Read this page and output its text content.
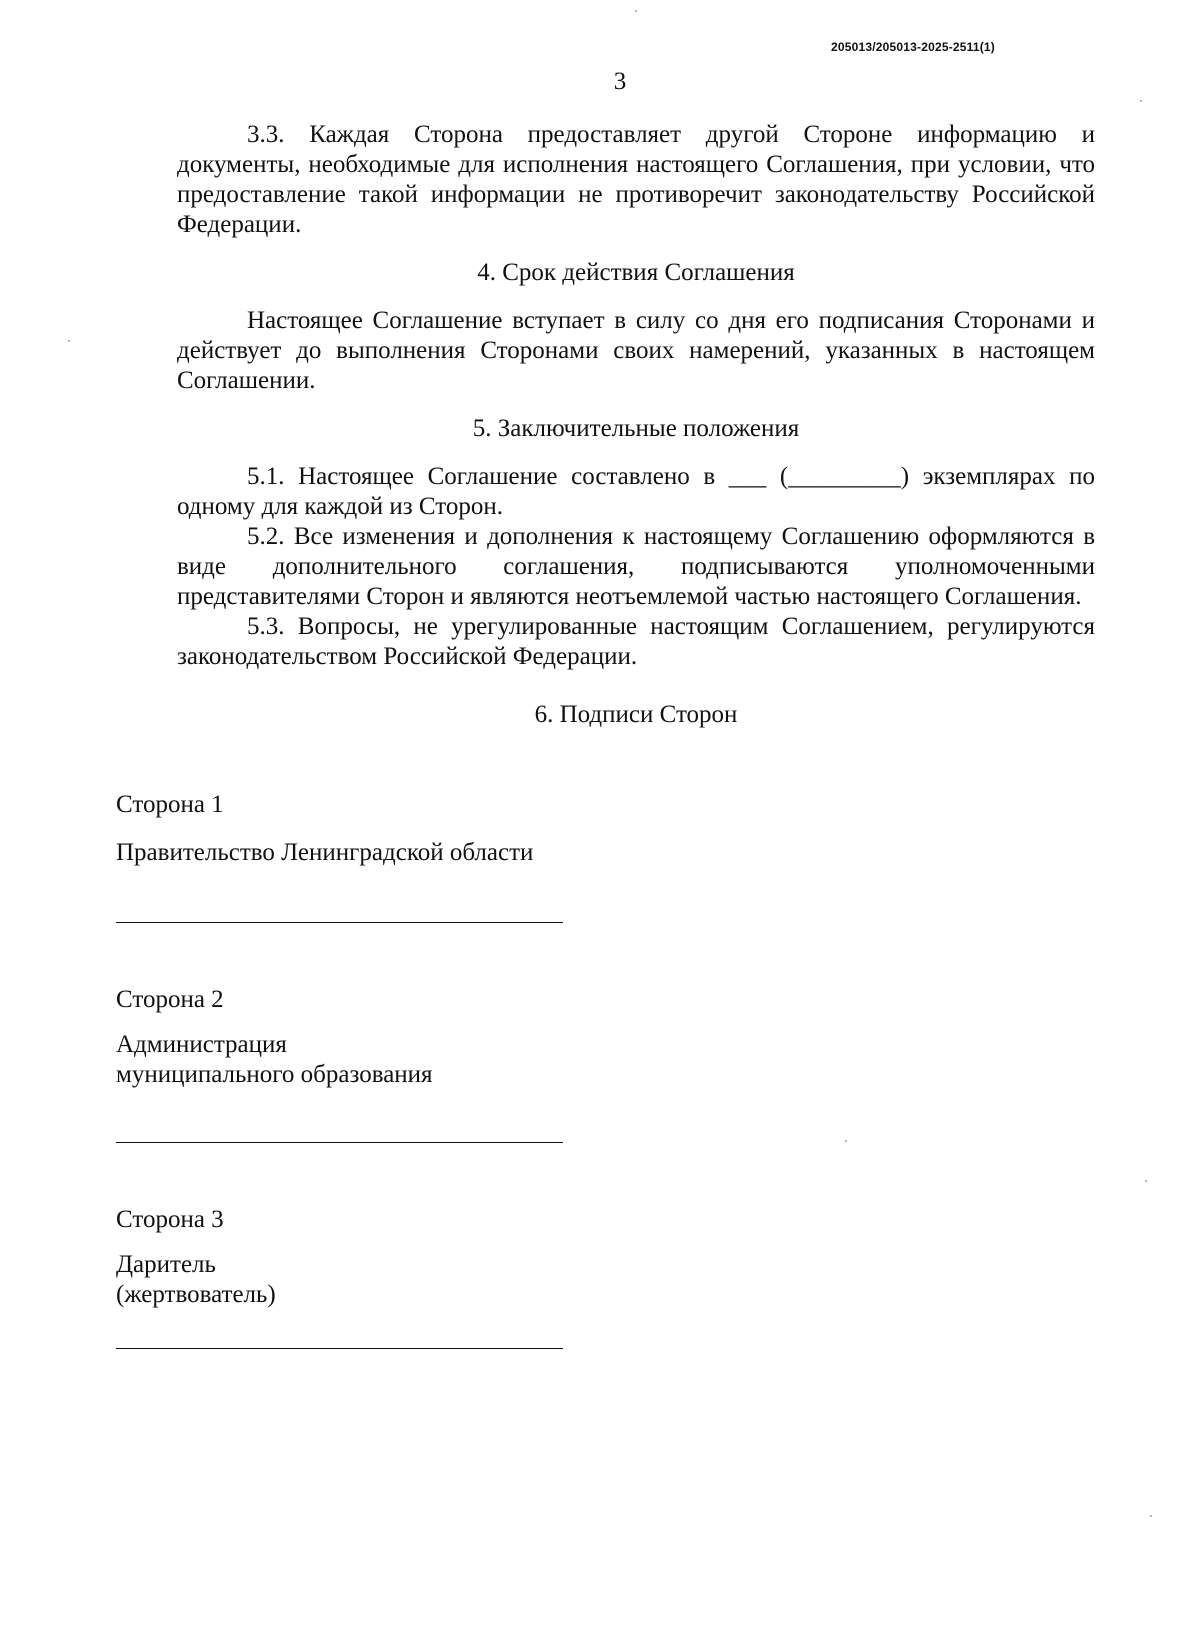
205013/205013-2025-2511(1)
3

3.3. Каждая Сторона предоставляет другой Стороне информацию и документы, необходимые для исполнения настоящего Соглашения, при условии, что предоставление такой информации не противоречит законодательству Российской Федерации.

4. Срок действия Соглашения

Настоящее Соглашение вступает в силу со дня его подписания Сторонами и действует до выполнения Сторонами своих намерений, указанных в настоящем Соглашении.

5. Заключительные положения

5.1. Настоящее Соглашение составлено в ___ (_________) экземплярах по одному для каждой из Сторон.

5.2. Все изменения и дополнения к настоящему Соглашению оформляются в виде дополнительного соглашения, подписываются уполномоченными представителями Сторон и являются неотъемлемой частью настоящего Соглашения.

5.3. Вопросы, не урегулированные настоящим Соглашением, регулируются законодательством Российской Федерации.

6. Подписи Сторон

Сторона 1
Правительство Ленинградской области
Сторона 2
Администрация
муниципального образования
Сторона 3
Даритель
(жертвователь)
